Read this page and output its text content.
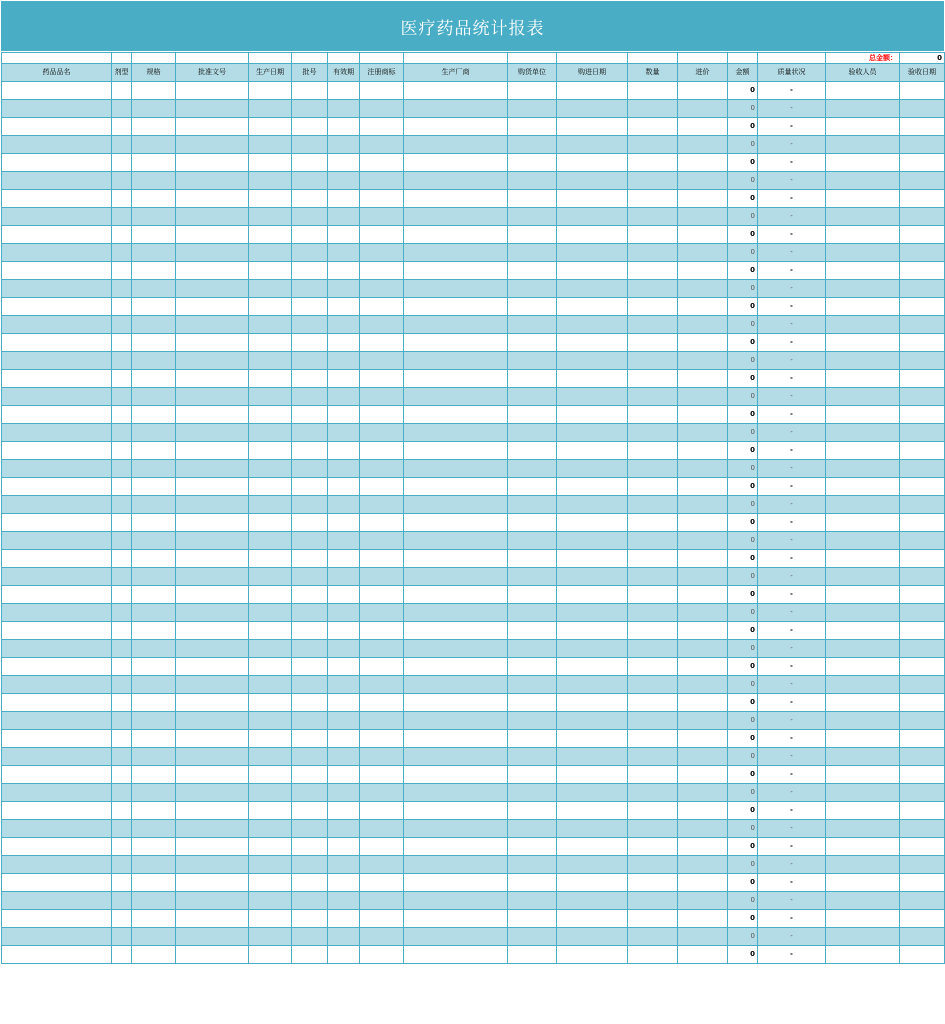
医疗药品统计报表
															总金额：	0
药品品名	剂型	规格	批准文号	生产日期	批号	有效期	注册商标	生产厂商	购货单位	购进日期	数量	进价	金额	质量状况	验收人员	验收日期
													0	-		
													0	-		
													0	-		
													0	-		
													0	-		
													0	-		
													0	-		
													0	-		
													0	-		
													0	-		
													0	-		
													0	-		
													0	-		
													0	-		
													0	-		
													0	-		
													0	-		
													0	-		
													0	-		
													0	-		
													0	-		
													0	-		
													0	-		
													0	-		
													0	-		
													0	-		
													0	-		
													0	-		
													0	-		
													0	-		
													0	-		
													0	-		
													0	-		
													0	-		
													0	-		
													0	-		
													0	-		
													0	-		
													0	-		
													0	-		
													0	-		
													0	-		
													0	-		
													0	-		
													0	-		
													0	-		
													0	-		
													0	-		
													0	-		
